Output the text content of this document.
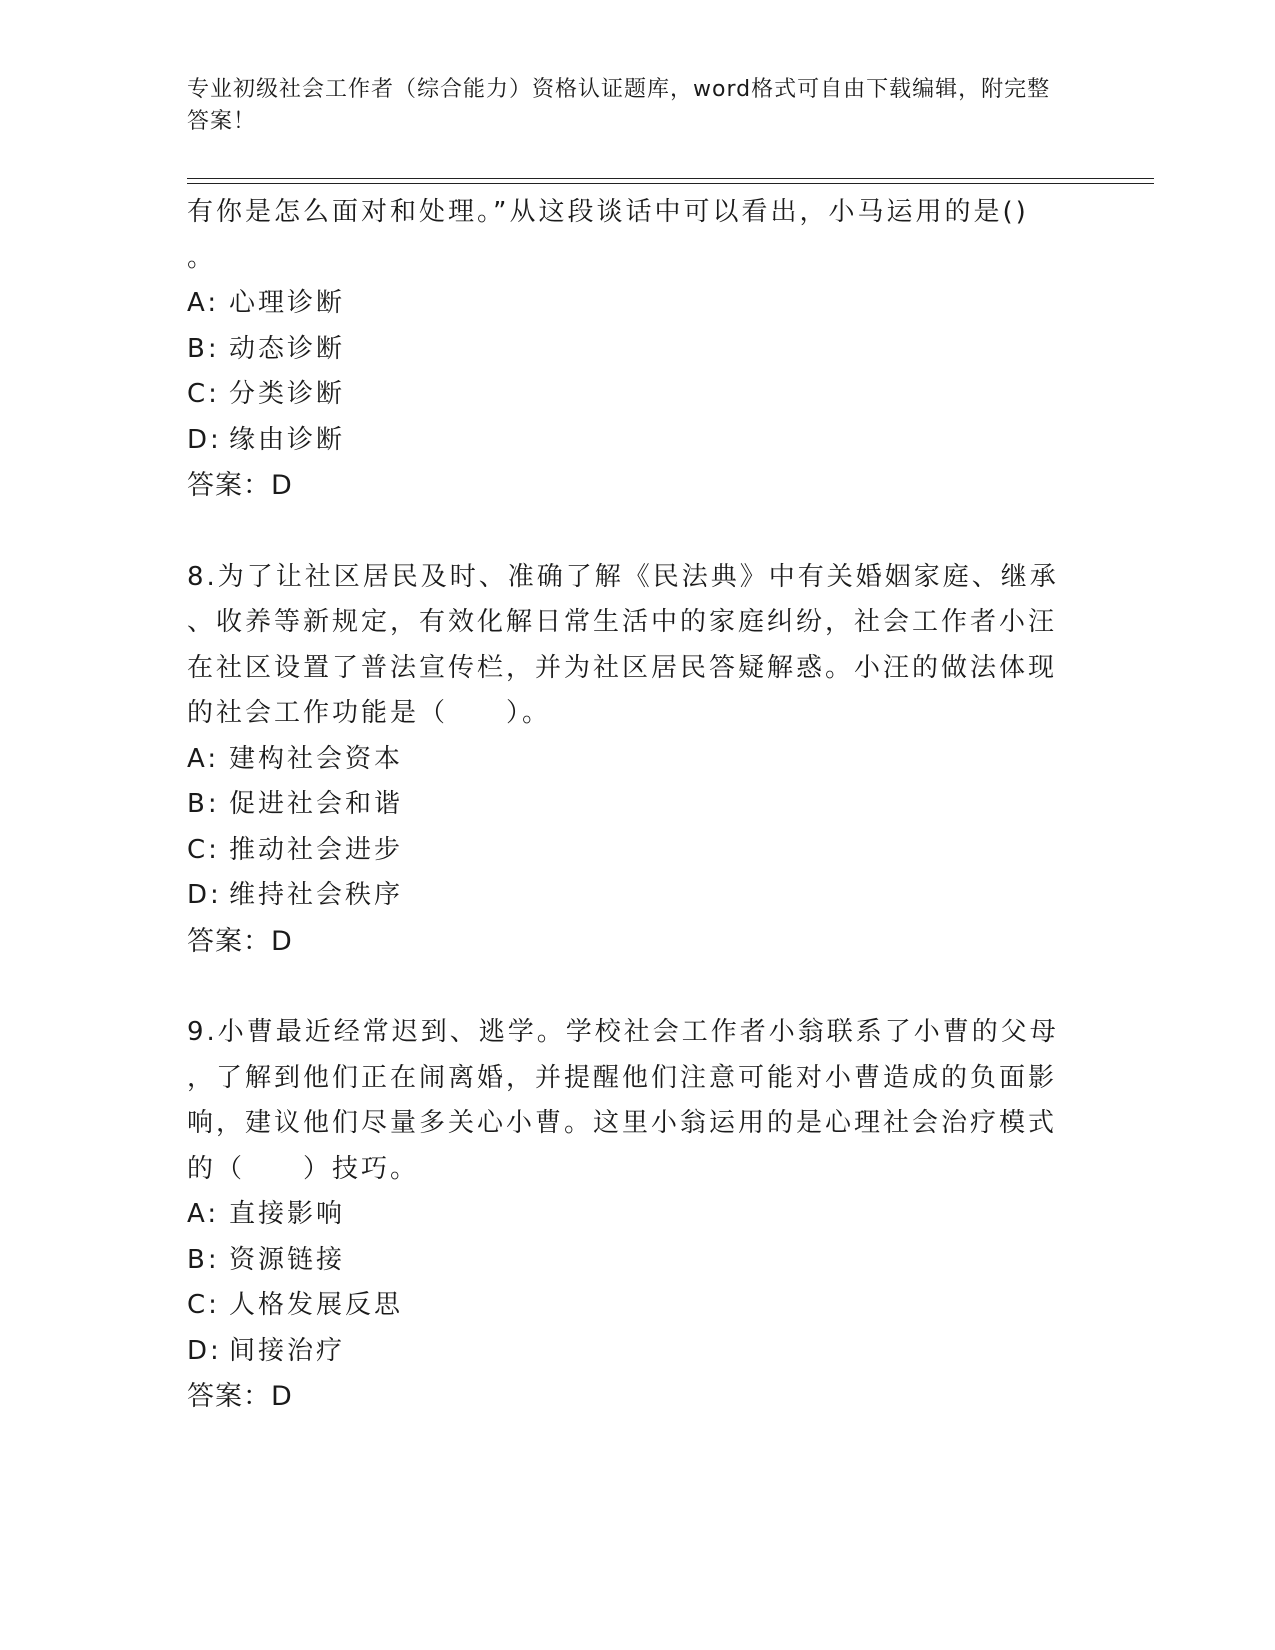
专业初级社会工作者（综合能力）资格认证题库，word格式可自由下载编辑，附完整答案！
有你是怎么面对和处理。”从这段谈话中可以看出，小马运用的是()
。
A: 心理诊断
B: 动态诊断
C: 分类诊断
D: 缘由诊断
答案：D
8.为了让社区居民及时、准确了解《民法典》中有关婚姻家庭、继承
、收养等新规定，有效化解日常生活中的家庭纠纷，社会工作者小汪
在社区设置了普法宣传栏，并为社区居民答疑解惑。小汪的做法体现
的社会工作功能是（　　）。
A: 建构社会资本
B: 促进社会和谐
C: 推动社会进步
D: 维持社会秩序
答案：D
9.小曹最近经常迟到、逃学。学校社会工作者小翁联系了小曹的父母
，了解到他们正在闹离婚，并提醒他们注意可能对小曹造成的负面影
响，建议他们尽量多关心小曹。这里小翁运用的是心理社会治疗模式
的（　　）技巧。
A: 直接影响
B: 资源链接
C: 人格发展反思
D: 间接治疗
答案：D
